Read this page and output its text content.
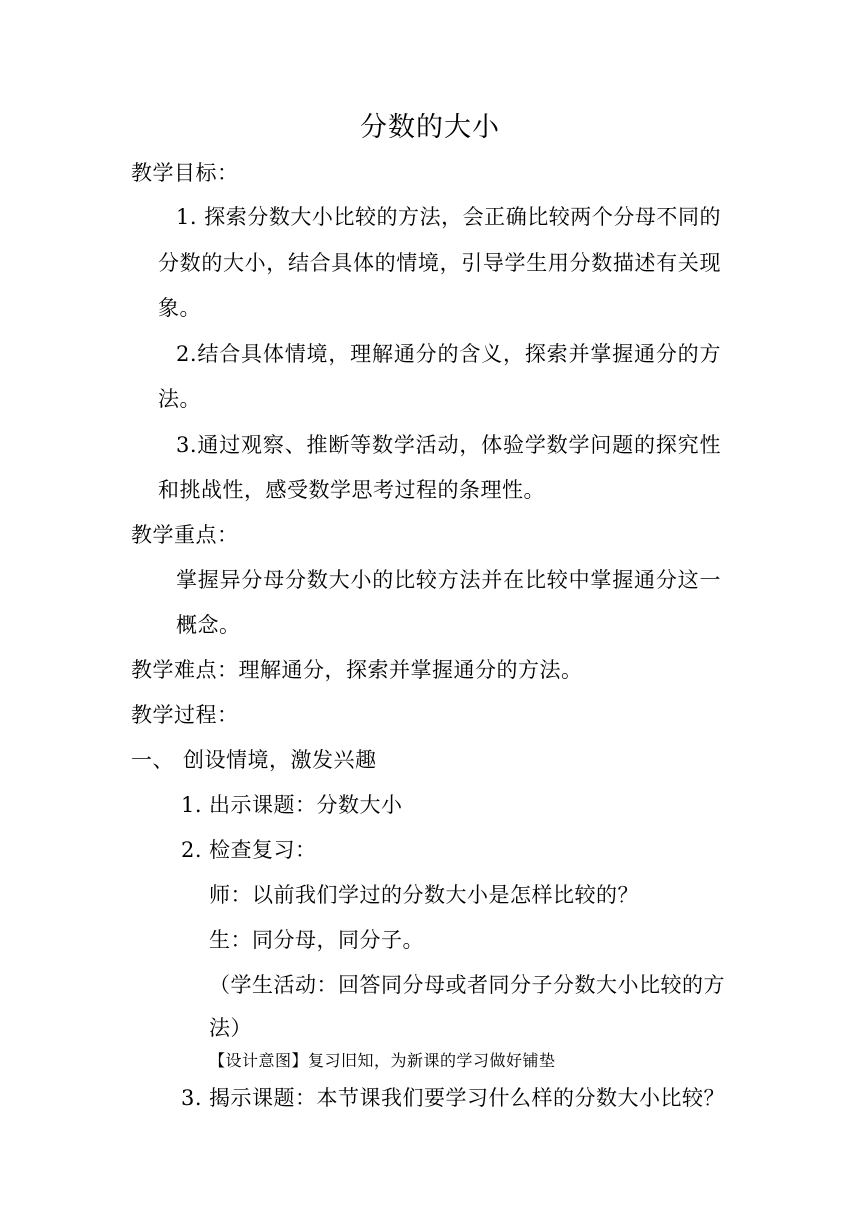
分数的大小
教学目标：
1. 探索分数大小比较的方法，会正确比较两个分母不同的
分数的大小，结合具体的情境，引导学生用分数描述有关现
象。
2.结合具体情境，理解通分的含义，探索并掌握通分的方
法。
3.通过观察、推断等数学活动，体验学数学问题的探究性
和挑战性，感受数学思考过程的条理性。
教学重点：
掌握异分母分数大小的比较方法并在比较中掌握通分这一
概念。
教学难点：理解通分，探索并掌握通分的方法。
教学过程：
一、 创设情境，激发兴趣
1. 出示课题：分数大小
2. 检查复习：
师：以前我们学过的分数大小是怎样比较的？
生：同分母，同分子。
（学生活动：回答同分母或者同分子分数大小比较的方
法）
【设计意图】复习旧知，为新课的学习做好铺垫
3. 揭示课题：本节课我们要学习什么样的分数大小比较？
